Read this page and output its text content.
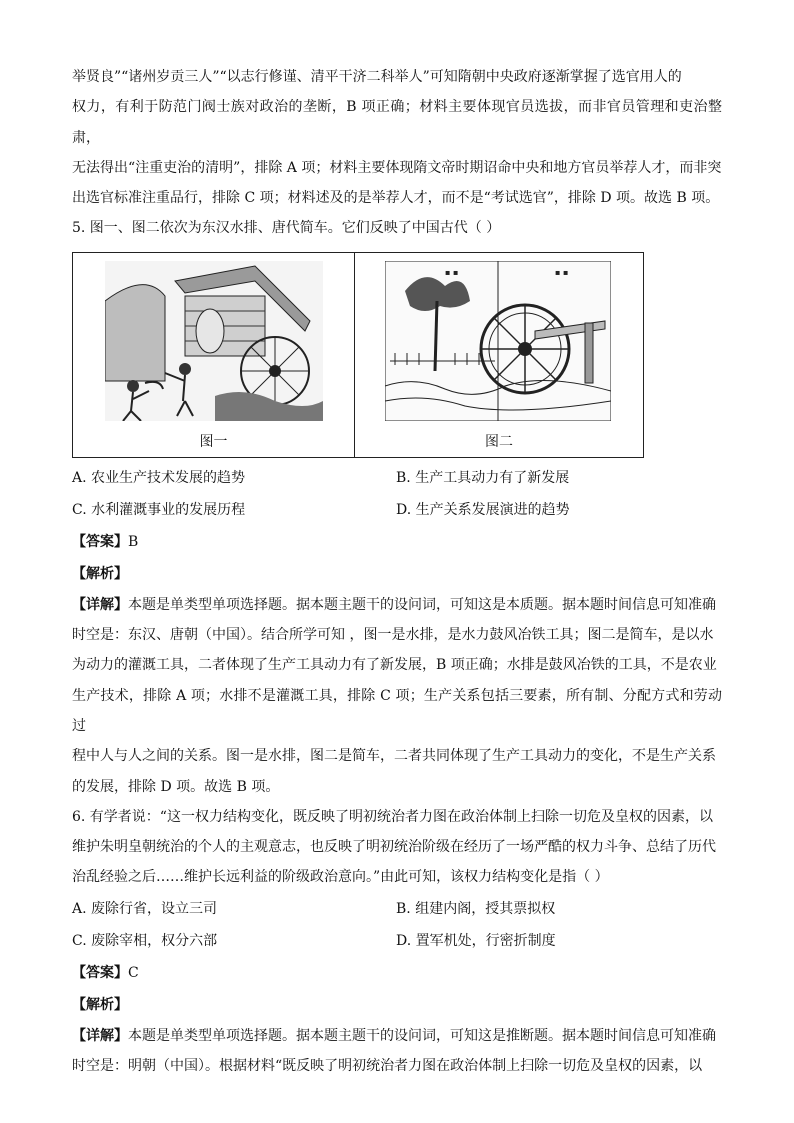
举贤良”“诸州岁贡三人”“以志行修谨、清平干济二科举人”可知隋朝中央政府逐渐掌握了选官用人的

权力，有利于防范门阀士族对政治的垄断，B 项正确；材料主要体现官员选拔，而非官员管理和吏治整肃，

无法得出“注重吏治的清明”，排除 A 项；材料主要体现隋文帝时期诏命中央和地方官员举荐人才，而非突

出选官标准注重品行，排除 C 项；材料述及的是举荐人才，而不是“考试选官”，排除 D 项。故选 B 项。

5. 图一、图二依次为东汉水排、唐代简车。它们反映了中国古代（ ）

图一
▪ ▪
▪ ▪
图二
A. 农业生产技术发展的趋势	B. 生产工具动力有了新发展
C. 水利灌溉事业的发展历程	D. 生产关系发展演进的趋势

【答案】B

【解析】

【详解】本题是单类型单项选择题。据本题主题干的设问词，可知这是本质题。据本题时间信息可知准确

时空是：东汉、唐朝（中国）。结合所学可知 ，图一是水排，是水力鼓风冶铁工具；图二是简车，是以水

为动力的灌溉工具，二者体现了生产工具动力有了新发展，B 项正确；水排是鼓风冶铁的工具，不是农业

生产技术，排除 A 项；水排不是灌溉工具，排除 C 项；生产关系包括三要素，所有制、分配方式和劳动过

程中人与人之间的关系。图一是水排，图二是简车，二者共同体现了生产工具动力的变化，不是生产关系

的发展，排除 D 项。故选 B 项。

6. 有学者说：“这一权力结构变化，既反映了明初统治者力图在政治体制上扫除一切危及皇权的因素，以

维护朱明皇朝统治的个人的主观意志，也反映了明初统治阶级在经历了一场严酷的权力斗争、总结了历代

治乱经验之后……维护长远利益的阶级政治意向。”由此可知，该权力结构变化是指（ ）

A. 废除行省，设立三司	B. 组建内阁，授其票拟权
C. 废除宰相，权分六部	D. 置军机处，行密折制度

【答案】C

【解析】

【详解】本题是单类型单项选择题。据本题主题干的设问词，可知这是推断题。据本题时间信息可知准确

时空是：明朝（中国）。根据材料“既反映了明初统治者力图在政治体制上扫除一切危及皇权的因素，以
